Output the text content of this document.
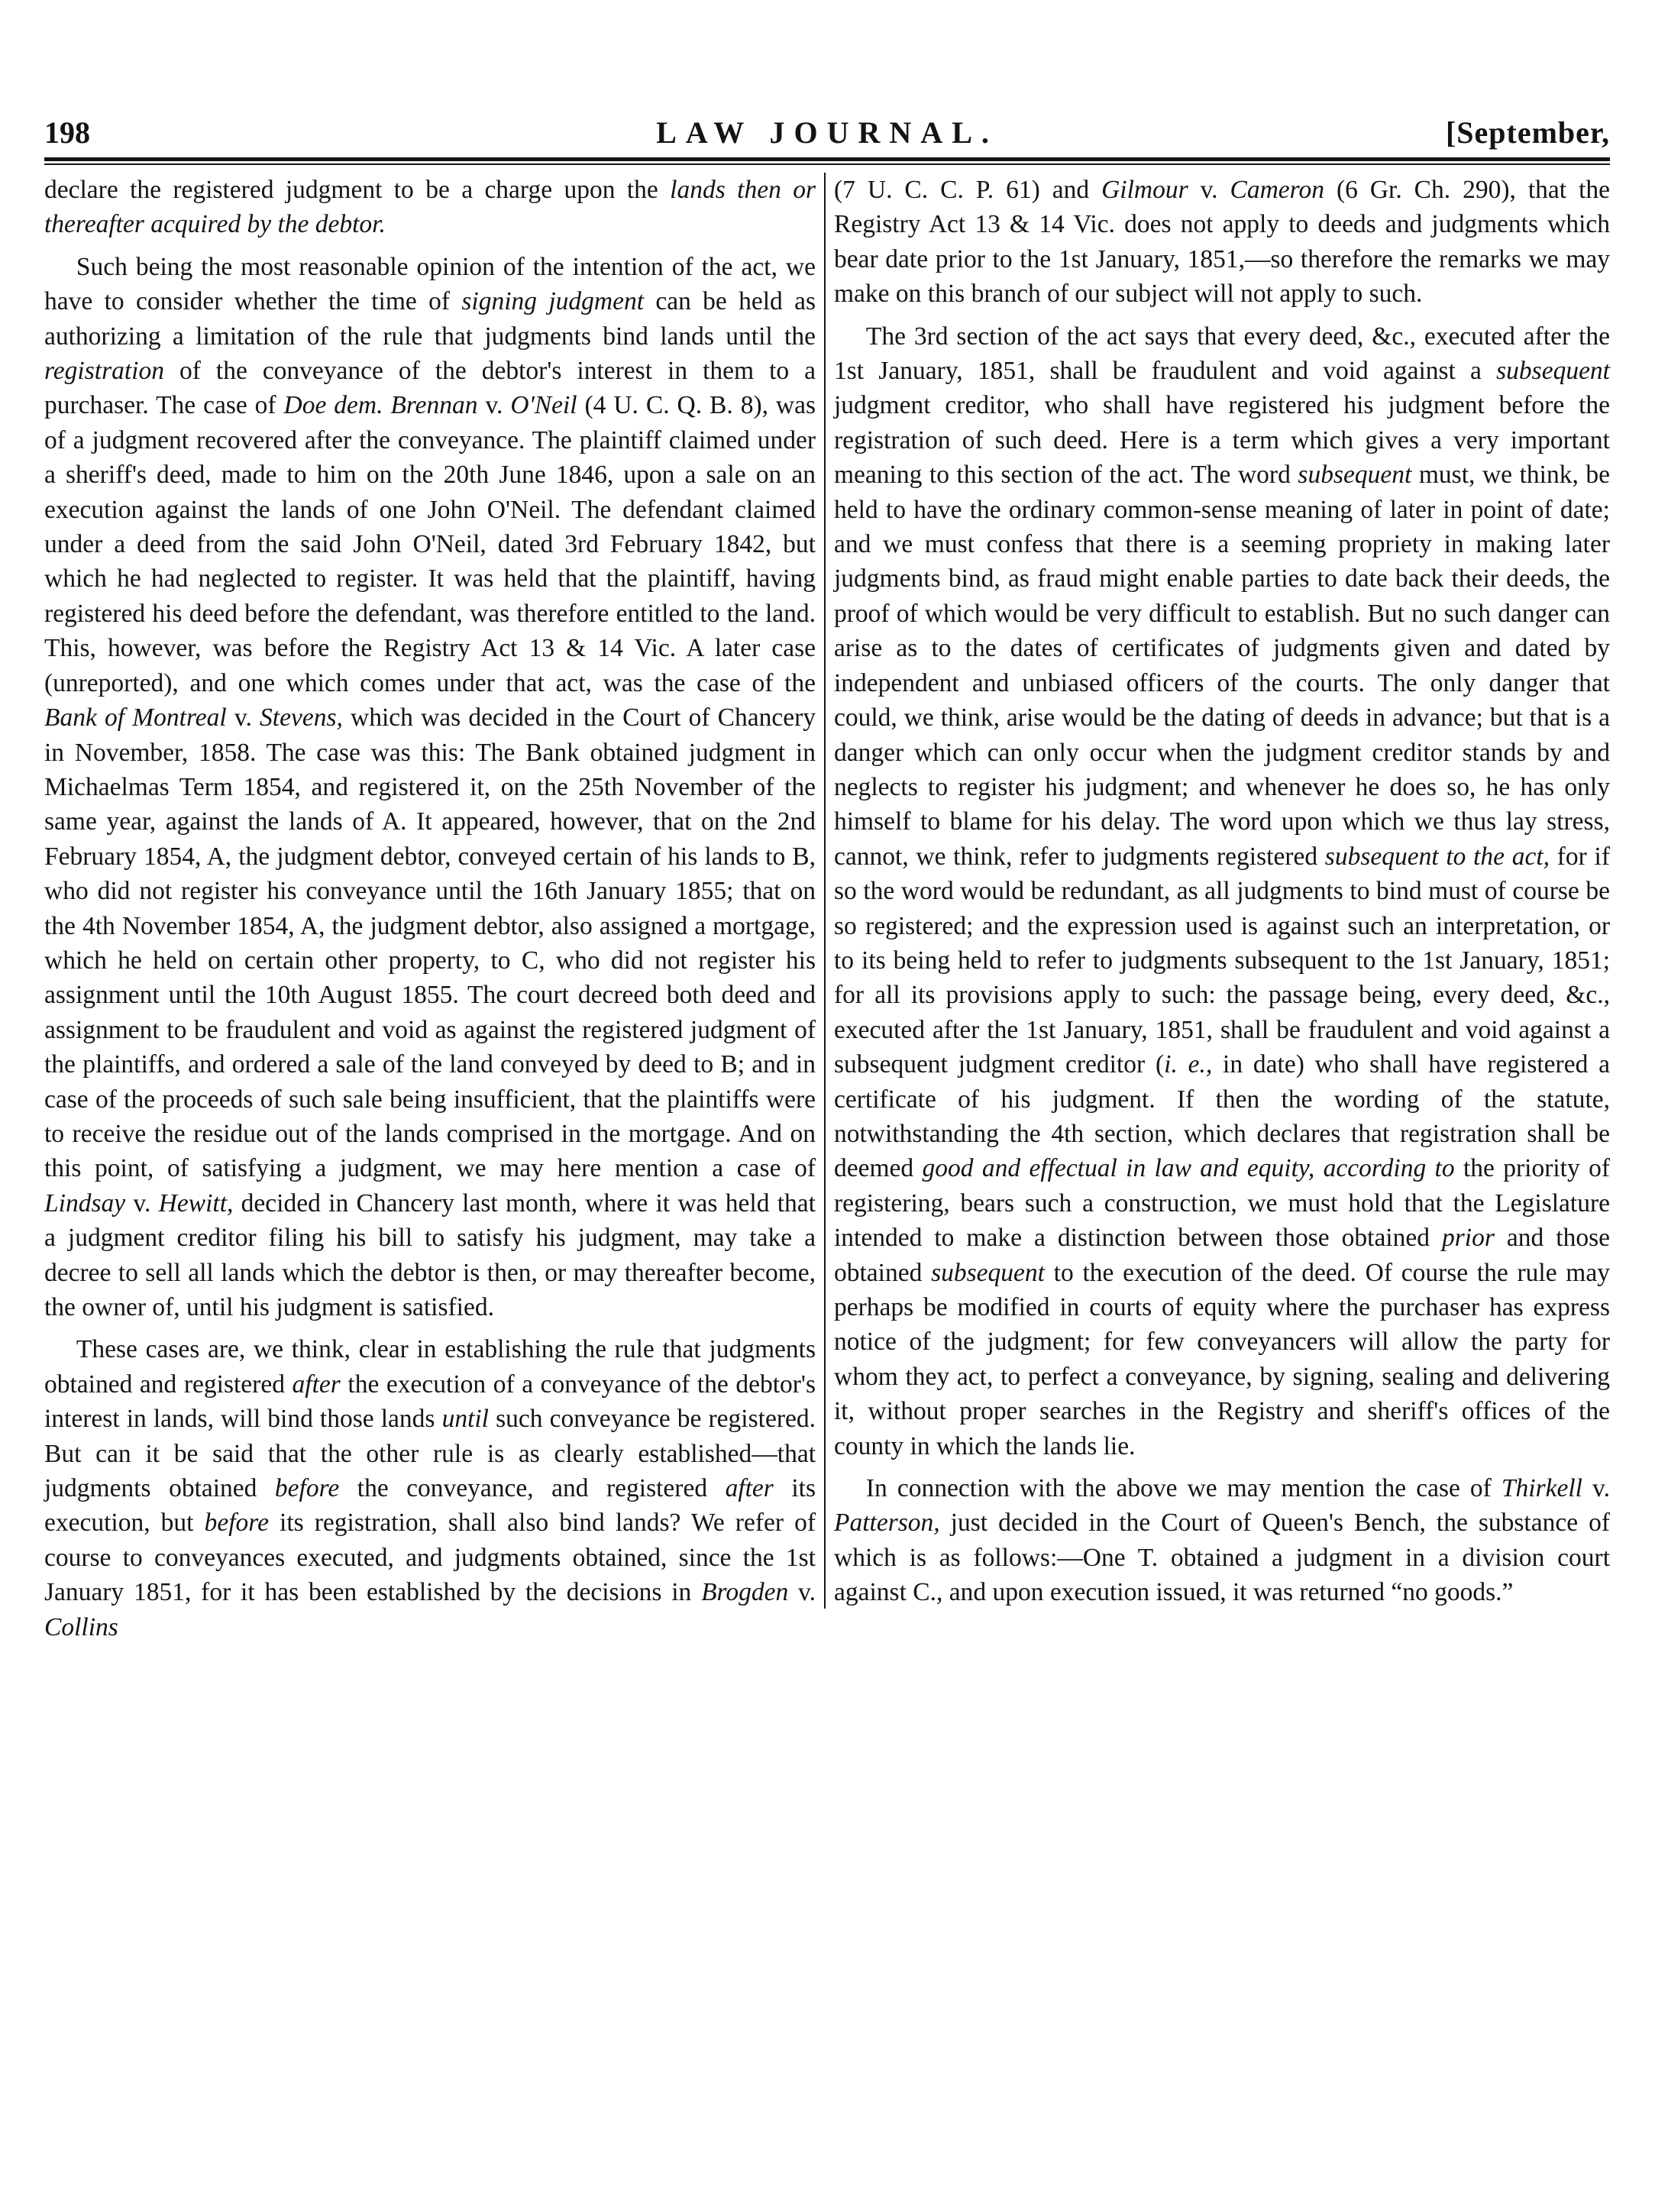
198	LAW JOURNAL.	[September,

declare the registered judgment to be a charge upon the lands then or thereafter acquired by the debtor.

Such being the most reasonable opinion of the intention of the act, we have to consider whether the time of signing judgment can be held as authorizing a limitation of the rule that judgments bind lands until the registration of the conveyance of the debtor's interest in them to a purchaser. The case of Doe dem. Brennan v. O'Neil (4 U. C. Q. B. 8), was of a judgment recovered after the conveyance. The plaintiff claimed under a sheriff's deed, made to him on the 20th June 1846, upon a sale on an execution against the lands of one John O'Neil. The defendant claimed under a deed from the said John O'Neil, dated 3rd February 1842, but which he had neglected to register. It was held that the plaintiff, having registered his deed before the defendant, was therefore entitled to the land. This, however, was before the Registry Act 13 & 14 Vic. A later case (unreported), and one which comes under that act, was the case of the Bank of Montreal v. Stevens, which was decided in the Court of Chancery in November, 1858. The case was this: The Bank obtained judgment in Michaelmas Term 1854, and registered it, on the 25th November of the same year, against the lands of A. It appeared, however, that on the 2nd February 1854, A, the judgment debtor, conveyed certain of his lands to B, who did not register his conveyance until the 16th January 1855; that on the 4th November 1854, A, the judgment debtor, also assigned a mortgage, which he held on certain other property, to C, who did not register his assignment until the 10th August 1855. The court decreed both deed and assignment to be fraudulent and void as against the registered judgment of the plaintiffs, and ordered a sale of the land conveyed by deed to B; and in case of the proceeds of such sale being insufficient, that the plaintiffs were to receive the residue out of the lands comprised in the mortgage. And on this point, of satisfying a judgment, we may here mention a case of Lindsay v. Hewitt, decided in Chancery last month, where it was held that a judgment creditor filing his bill to satisfy his judgment, may take a decree to sell all lands which the debtor is then, or may thereafter become, the owner of, until his judgment is satisfied.

These cases are, we think, clear in establishing the rule that judgments obtained and registered after the execution of a conveyance of the debtor's interest in lands, will bind those lands until such conveyance be registered. But can it be said that the other rule is as clearly established—that judgments obtained before the conveyance, and registered after its execution, but before its registration, shall also bind lands? We refer of course to conveyances executed, and judgments obtained, since the 1st January 1851, for it has been established by the decisions in Brogden v. Collins

(7 U. C. C. P. 61) and Gilmour v. Cameron (6 Gr. Ch. 290), that the Registry Act 13 & 14 Vic. does not apply to deeds and judgments which bear date prior to the 1st January, 1851,—so therefore the remarks we may make on this branch of our subject will not apply to such.

The 3rd section of the act says that every deed, &c., executed after the 1st January, 1851, shall be fraudulent and void against a subsequent judgment creditor, who shall have registered his judgment before the registration of such deed. Here is a term which gives a very important meaning to this section of the act. The word subsequent must, we think, be held to have the ordinary common-sense meaning of later in point of date; and we must confess that there is a seeming propriety in making later judgments bind, as fraud might enable parties to date back their deeds, the proof of which would be very difficult to establish. But no such danger can arise as to the dates of certificates of judgments given and dated by independent and unbiased officers of the courts. The only danger that could, we think, arise would be the dating of deeds in advance; but that is a danger which can only occur when the judgment creditor stands by and neglects to register his judgment; and whenever he does so, he has only himself to blame for his delay. The word upon which we thus lay stress, cannot, we think, refer to judgments registered subsequent to the act, for if so the word would be redundant, as all judgments to bind must of course be so registered; and the expression used is against such an interpretation, or to its being held to refer to judgments subsequent to the 1st January, 1851; for all its provisions apply to such: the passage being, every deed, &c., executed after the 1st January, 1851, shall be fraudulent and void against a subsequent judgment creditor (i. e., in date) who shall have registered a certificate of his judgment. If then the wording of the statute, notwithstanding the 4th section, which declares that registration shall be deemed good and effectual in law and equity, according to the priority of registering, bears such a construction, we must hold that the Legislature intended to make a distinction between those obtained prior and those obtained subsequent to the execution of the deed. Of course the rule may perhaps be modified in courts of equity where the purchaser has express notice of the judgment; for few conveyancers will allow the party for whom they act, to perfect a conveyance, by signing, sealing and delivering it, without proper searches in the Registry and sheriff's offices of the county in which the lands lie.

In connection with the above we may mention the case of Thirkell v. Patterson, just decided in the Court of Queen's Bench, the substance of which is as follows:—One T. obtained a judgment in a division court against C., and upon execution issued, it was returned “no goods.”
